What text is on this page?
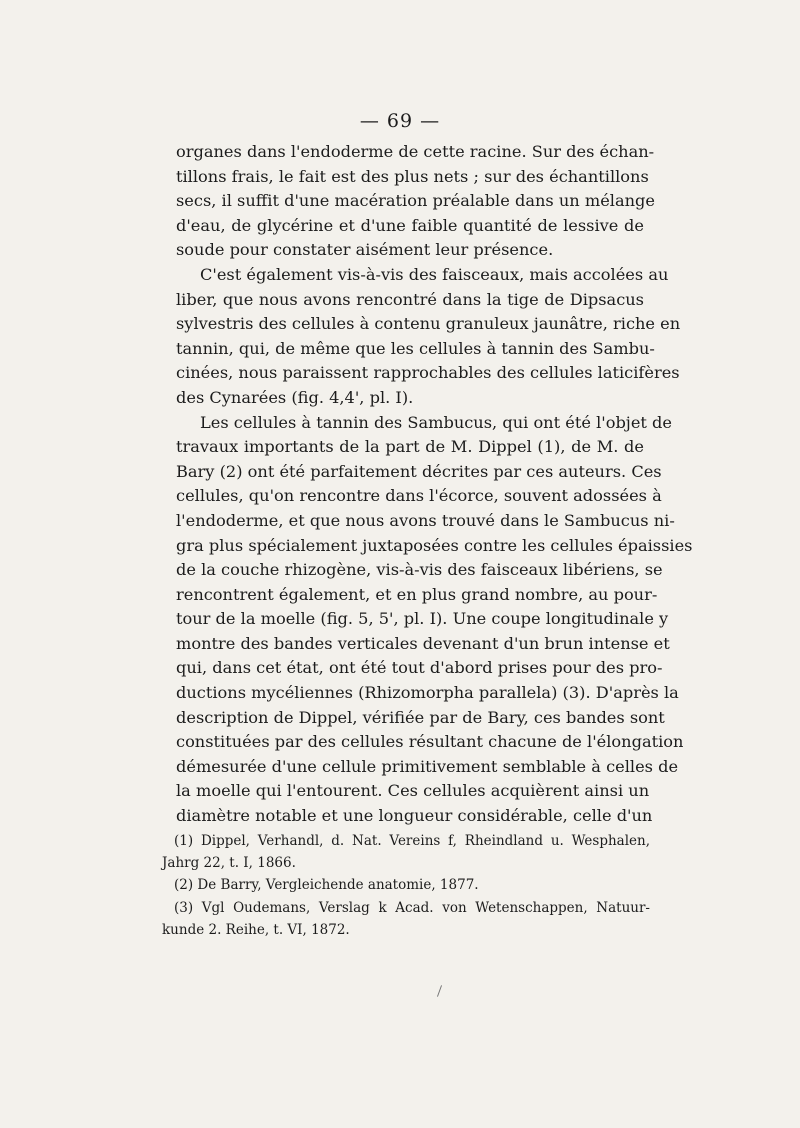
— 69 —
organes dans l'endoderme de cette racine. Sur des échan-
tillons frais, le fait est des plus nets ; sur des échantillons
secs, il suffit d'une macération préalable dans un mélange
d'eau, de glycérine et d'une faible quantité de lessive de
soude pour constater aisément leur présence.
C'est également vis-à-vis des faisceaux, mais accolées au
liber, que nous avons rencontré dans la tige de Dipsacus
sylvestris des cellules à contenu granuleux jaunâtre, riche en
tannin, qui, de même que les cellules à tannin des Sambu-
cinées, nous paraissent rapprochables des cellules laticifères
des Cynarées (fig. 4,4', pl. I).
Les cellules à tannin des Sambucus, qui ont été l'objet de
travaux importants de la part de M. Dippel (1), de M. de
Bary (2) ont été parfaitement décrites par ces auteurs. Ces
cellules, qu'on rencontre dans l'écorce, souvent adossées à
l'endoderme, et que nous avons trouvé dans le Sambucus ni-
gra plus spécialement juxtaposées contre les cellules épaissies
de la couche rhizogène, vis-à-vis des faisceaux libériens, se
rencontrent également, et en plus grand nombre, au pour-
tour de la moelle (fig. 5, 5', pl. I). Une coupe longitudinale y
montre des bandes verticales devenant d'un brun intense et
qui, dans cet état, ont été tout d'abord prises pour des pro-
ductions mycéliennes (Rhizomorpha parallela) (3). D'après la
description de Dippel, vérifiée par de Bary, ces bandes sont
constituées par des cellules résultant chacune de l'élongation
démesurée d'une cellule primitivement semblable à celles de
la moelle qui l'entourent. Ces cellules acquièrent ainsi un
diamètre notable et une longueur considérable, celle d'un
(1) Dippel, Verhandl, d. Nat. Vereins f, Rheindland u. Wesphalen,
Jahrg 22, t. I, 1866.
(2) De Barry, Vergleichende anatomie, 1877.
(3) Vgl Oudemans, Verslag k Acad. von Wetenschappen, Natuur-
kunde 2. Reihe, t. VI, 1872.
